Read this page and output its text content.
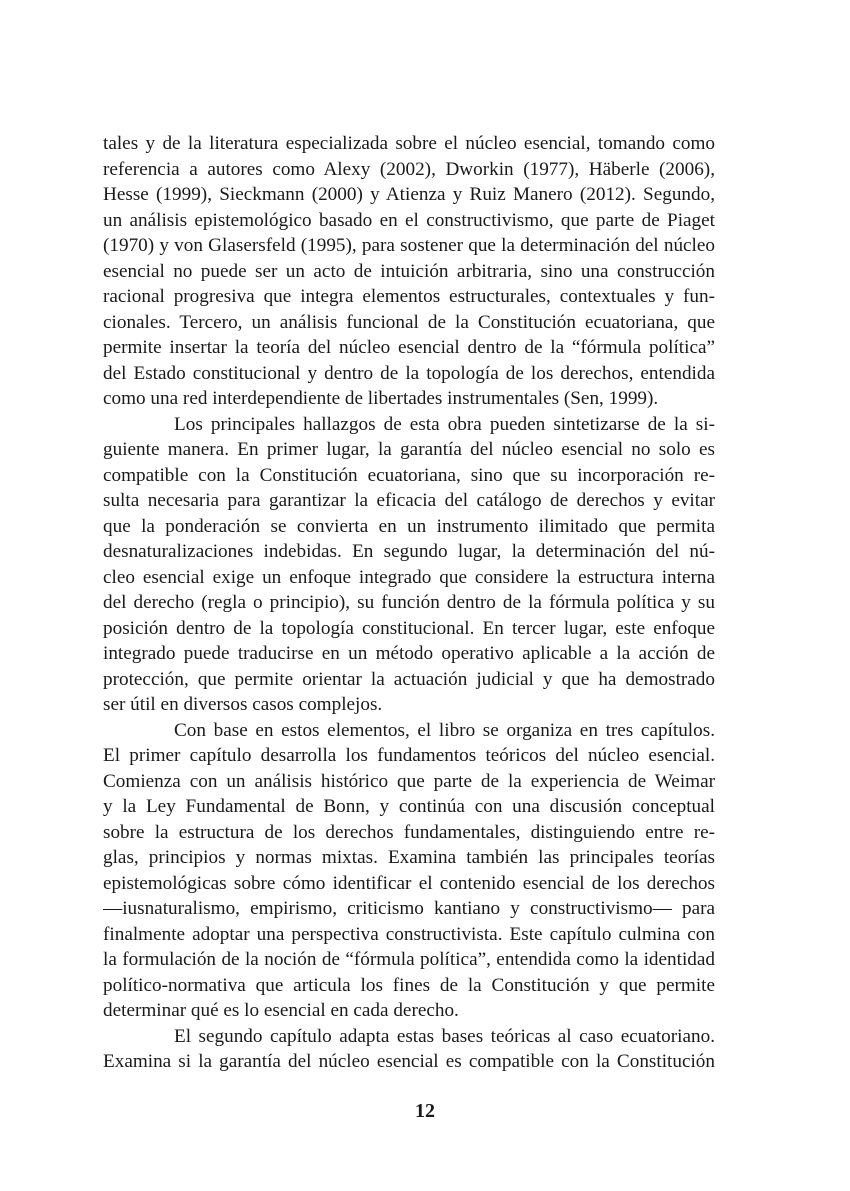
tales y de la literatura especializada sobre el núcleo esencial, tomando como
referencia a autores como Alexy (2002), Dworkin (1977), Häberle (2006),
Hesse (1999), Sieckmann (2000) y Atienza y Ruiz Manero (2012). Segundo,
un análisis epistemológico basado en el constructivismo, que parte de Piaget
(1970) y von Glasersfeld (1995), para sostener que la determinación del núcleo
esencial no puede ser un acto de intuición arbitraria, sino una construcción
racional progresiva que integra elementos estructurales, contextuales y fun-
cionales. Tercero, un análisis funcional de la Constitución ecuatoriana, que
permite insertar la teoría del núcleo esencial dentro de la “fórmula política”
del Estado constitucional y dentro de la topología de los derechos, entendida
como una red interdependiente de libertades instrumentales (Sen, 1999).
Los principales hallazgos de esta obra pueden sintetizarse de la si-
guiente manera. En primer lugar, la garantía del núcleo esencial no solo es
compatible con la Constitución ecuatoriana, sino que su incorporación re-
sulta necesaria para garantizar la eficacia del catálogo de derechos y evitar
que la ponderación se convierta en un instrumento ilimitado que permita
desnaturalizaciones indebidas. En segundo lugar, la determinación del nú-
cleo esencial exige un enfoque integrado que considere la estructura interna
del derecho (regla o principio), su función dentro de la fórmula política y su
posición dentro de la topología constitucional. En tercer lugar, este enfoque
integrado puede traducirse en un método operativo aplicable a la acción de
protección, que permite orientar la actuación judicial y que ha demostrado
ser útil en diversos casos complejos.
Con base en estos elementos, el libro se organiza en tres capítulos.
El primer capítulo desarrolla los fundamentos teóricos del núcleo esencial.
Comienza con un análisis histórico que parte de la experiencia de Weimar
y la Ley Fundamental de Bonn, y continúa con una discusión conceptual
sobre la estructura de los derechos fundamentales, distinguiendo entre re-
glas, principios y normas mixtas. Examina también las principales teorías
epistemológicas sobre cómo identificar el contenido esencial de los derechos
—iusnaturalismo, empirismo, criticismo kantiano y constructivismo— para
finalmente adoptar una perspectiva constructivista. Este capítulo culmina con
la formulación de la noción de “fórmula política”, entendida como la identidad
político-normativa que articula los fines de la Constitución y que permite
determinar qué es lo esencial en cada derecho.
El segundo capítulo adapta estas bases teóricas al caso ecuatoriano.
Examina si la garantía del núcleo esencial es compatible con la Constitución
12
